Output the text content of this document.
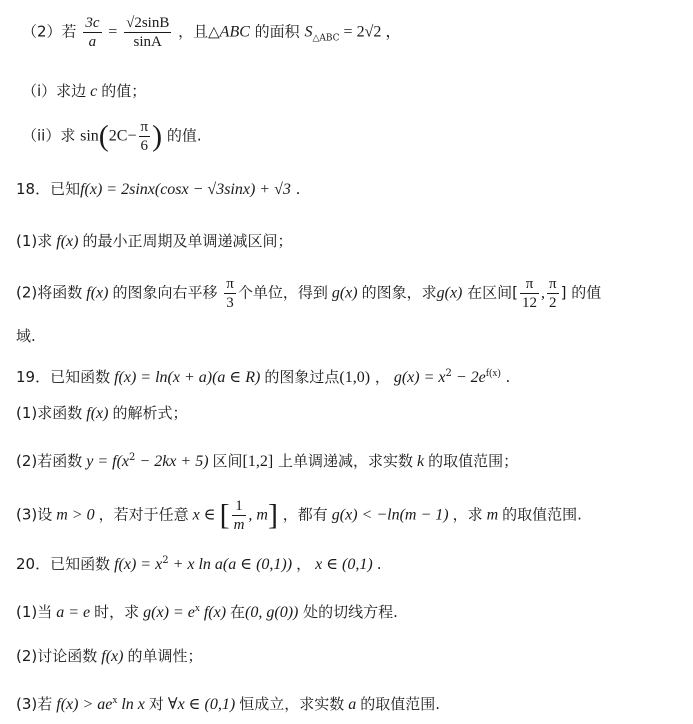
（2）若 $\frac{3c}{a} = \frac{√2\sin B}{\sin A}$ ，且△ABC 的面积 $S_{\triangle ABC} = 2√2$ ，
（i）求边 c 的值；
（ii）求 $\sin(2C- \frac{\pi}{6}$ ) 的值.
18．已知f(x) = 2sinx(cosx − √3sinx) + √3 .
(1)求 f(x) 的最小正周期及单调递减区间；
(2)将函数 f(x) 的图象向右平移 $\frac{\pi}{3}$ 个单位，得到 g(x) 的图象，求g(x) 在区间[ $\frac{\pi}{12}$ , $\frac{\pi}{2}$ ] 的值
域.
19．已知函数 f(x) = ln(x + a)(a ∈ R) 的图象过点(1,0) ， $g(x) = x^2 - 2e^{f(x)}$ .
(1)求函数 f(x) 的解析式；
(2)若函数 $y = f(x^2 - 2kx + 5)$ 区间[1,2] 上单调递减，求实数 k 的取值范围；
(3)设 m > 0 ，若对于任意 x ∈ [ $\frac{1}{m}$ , m] ，都有 g(x) < −ln(m − 1) ，求 m 的取值范围.
20．已知函数 $f(x) = x^2 + x$ ln a(a ∈ (0,1)) ， x ∈ (0,1) .
(1)当 a = e 时，求 $g(x) = e^x$ f(x) 在(0, g(0)) 处的切线方程.
(2)讨论函数 f(x) 的单调性；
(3)若 $f(x) > ae^x$ ln x 对 ∀x ∈ (0,1) 恒成立，求实数 a 的取值范围.
